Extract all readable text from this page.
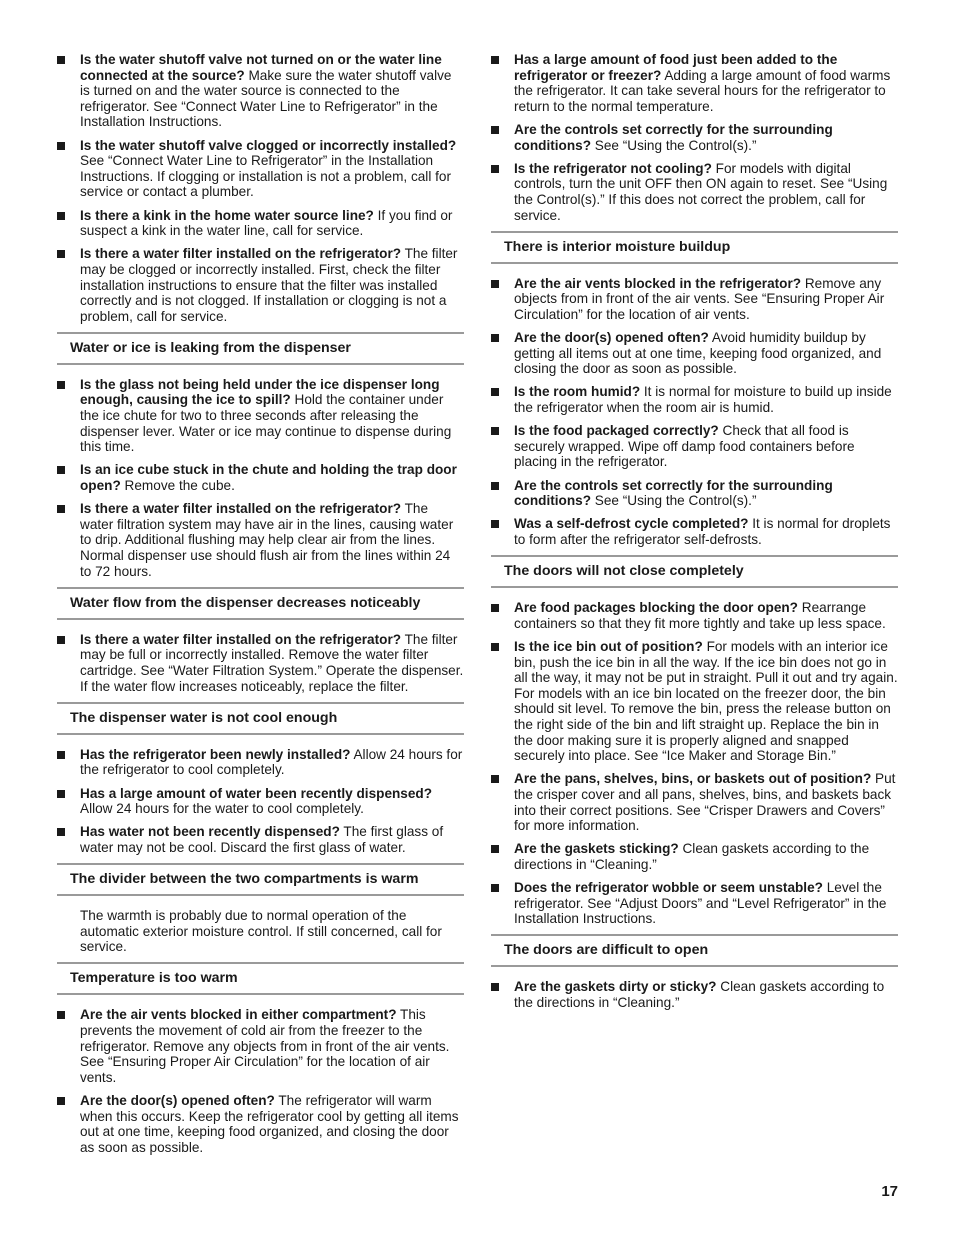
Is the water shutoff valve not turned on or the water line connected at the source? Make sure the water shutoff valve is turned on and the water source is connected to the refrigerator. See “Connect Water Line to Refrigerator” in the Installation Instructions.
Is the water shutoff valve clogged or incorrectly installed? See “Connect Water Line to Refrigerator” in the Installation Instructions. If clogging or installation is not a problem, call for service or contact a plumber.
Is there a kink in the home water source line? If you find or suspect a kink in the water line, call for service.
Is there a water filter installed on the refrigerator? The filter may be clogged or incorrectly installed. First, check the filter installation instructions to ensure that the filter was installed correctly and is not clogged. If installation or clogging is not a problem, call for service.
Water or ice is leaking from the dispenser
Is the glass not being held under the ice dispenser long enough, causing the ice to spill? Hold the container under the ice chute for two to three seconds after releasing the dispenser lever. Water or ice may continue to dispense during this time.
Is an ice cube stuck in the chute and holding the trap door open? Remove the cube.
Is there a water filter installed on the refrigerator? The water filtration system may have air in the lines, causing water to drip. Additional flushing may help clear air from the lines. Normal dispenser use should flush air from the lines within 24 to 72 hours.
Water flow from the dispenser decreases noticeably
Is there a water filter installed on the refrigerator? The filter may be full or incorrectly installed. Remove the water filter cartridge. See “Water Filtration System.” Operate the dispenser. If the water flow increases noticeably, replace the filter.
The dispenser water is not cool enough
Has the refrigerator been newly installed? Allow 24 hours for the refrigerator to cool completely.
Has a large amount of water been recently dispensed? Allow 24 hours for the water to cool completely.
Has water not been recently dispensed? The first glass of water may not be cool. Discard the first glass of water.
The divider between the two compartments is warm
The warmth is probably due to normal operation of the automatic exterior moisture control. If still concerned, call for service.
Temperature is too warm
Are the air vents blocked in either compartment? This prevents the movement of cold air from the freezer to the refrigerator. Remove any objects from in front of the air vents. See “Ensuring Proper Air Circulation” for the location of air vents.
Are the door(s) opened often? The refrigerator will warm when this occurs. Keep the refrigerator cool by getting all items out at one time, keeping food organized, and closing the door as soon as possible.
Has a large amount of food just been added to the refrigerator or freezer? Adding a large amount of food warms the refrigerator. It can take several hours for the refrigerator to return to the normal temperature.
Are the controls set correctly for the surrounding conditions? See “Using the Control(s).”
Is the refrigerator not cooling? For models with digital controls, turn the unit OFF then ON again to reset. See “Using the Control(s).” If this does not correct the problem, call for service.
There is interior moisture buildup
Are the air vents blocked in the refrigerator? Remove any objects from in front of the air vents. See “Ensuring Proper Air Circulation” for the location of air vents.
Are the door(s) opened often? Avoid humidity buildup by getting all items out at one time, keeping food organized, and closing the door as soon as possible.
Is the room humid? It is normal for moisture to build up inside the refrigerator when the room air is humid.
Is the food packaged correctly? Check that all food is securely wrapped. Wipe off damp food containers before placing in the refrigerator.
Are the controls set correctly for the surrounding conditions? See “Using the Control(s).”
Was a self-defrost cycle completed? It is normal for droplets to form after the refrigerator self-defrosts.
The doors will not close completely
Are food packages blocking the door open? Rearrange containers so that they fit more tightly and take up less space.
Is the ice bin out of position? For models with an interior ice bin, push the ice bin in all the way. If the ice bin does not go in all the way, it may not be put in straight. Pull it out and try again. For models with an ice bin located on the freezer door, the bin should sit level. To remove the bin, press the release button on the right side of the bin and lift straight up. Replace the bin in the door making sure it is properly aligned and snapped securely into place. See “Ice Maker and Storage Bin.”
Are the pans, shelves, bins, or baskets out of position? Put the crisper cover and all pans, shelves, bins, and baskets back into their correct positions. See “Crisper Drawers and Covers” for more information.
Are the gaskets sticking? Clean gaskets according to the directions in “Cleaning.”
Does the refrigerator wobble or seem unstable? Level the refrigerator. See “Adjust Doors” and “Level Refrigerator” in the Installation Instructions.
The doors are difficult to open
Are the gaskets dirty or sticky? Clean gaskets according to the directions in “Cleaning.”
17
